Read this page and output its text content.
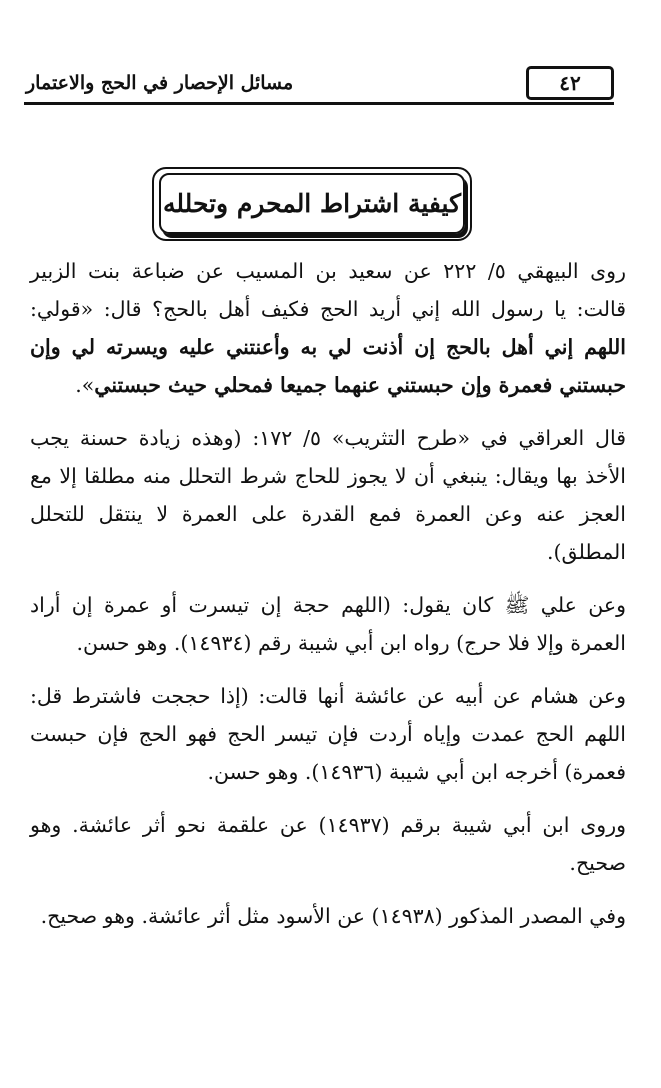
٤٢
مسائل الإحصار في الحج والاعتمار
كيفية اشتراط المحرم وتحلله

روى البيهقي ٥/ ٢٢٢ عن سعيد بن المسيب عن ضباعة بنت الزبير قالت: يا رسول الله إني أريد الحج فكيف أهل بالحج؟ قال: «قولي: اللهم إني أهل بالحج إن أذنت لي به وأعنتني عليه ويسرته لي وإن حبستني فعمرة وإن حبستني عنهما جميعا فمحلي حيث حبستني».

قال العراقي في «طرح التثريب» ٥/ ١٧٢: (وهذه زيادة حسنة يجب الأخذ بها ويقال: ينبغي أن لا يجوز للحاج شرط التحلل منه مطلقا إلا مع العجز عنه وعن العمرة فمع القدرة على العمرة لا ينتقل للتحلل المطلق).

وعن علي ﷺ كان يقول: (اللهم حجة إن تيسرت أو عمرة إن أراد العمرة وإلا فلا حرج) رواه ابن أبي شيبة رقم (١٤٩٣٤). وهو حسن.

وعن هشام عن أبيه عن عائشة أنها قالت: (إذا حججت فاشترط قل: اللهم الحج عمدت وإياه أردت فإن تيسر الحج فهو الحج فإن حبست فعمرة) أخرجه ابن أبي شيبة (١٤٩٣٦). وهو حسن.

وروى ابن أبي شيبة برقم (١٤٩٣٧) عن علقمة نحو أثر عائشة. وهو صحيح.

وفي المصدر المذكور (١٤٩٣٨) عن الأسود مثل أثر عائشة. وهو صحيح.
